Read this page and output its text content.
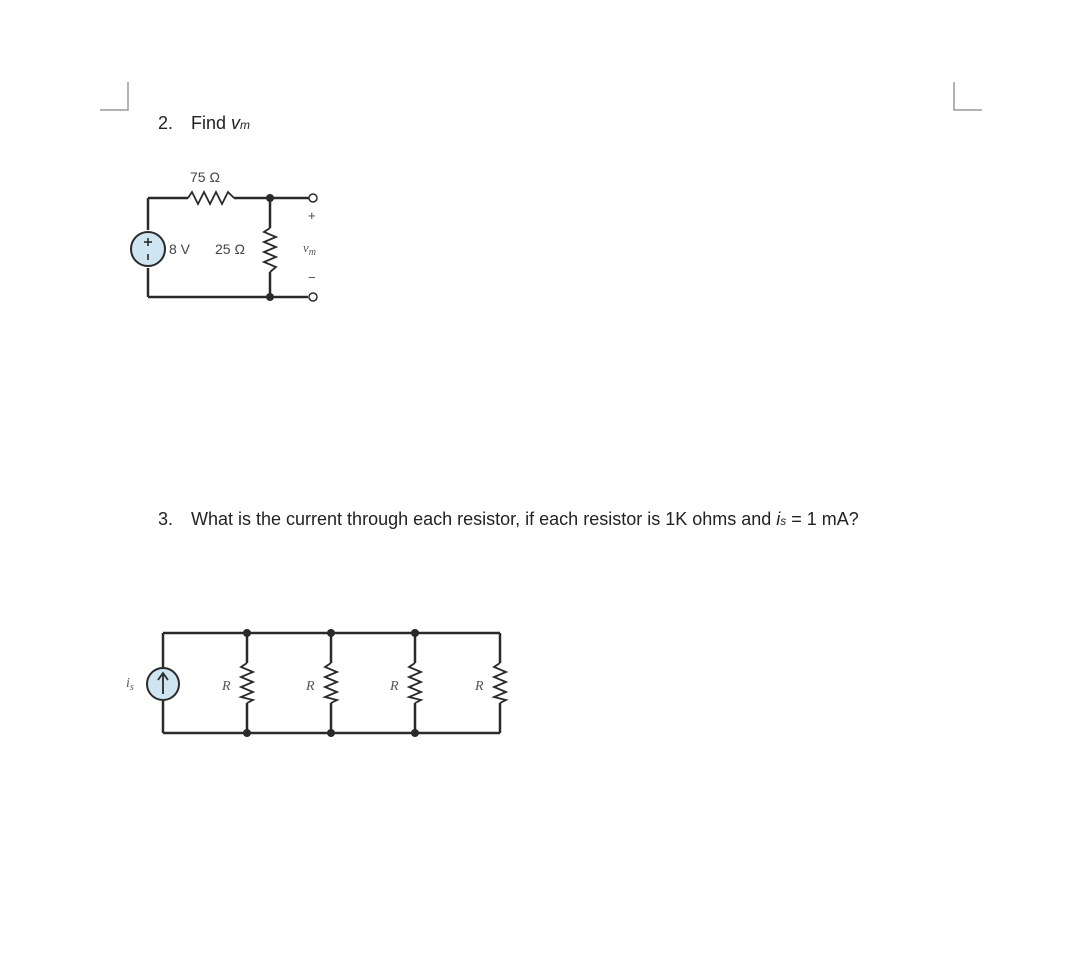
2. Find vm
75 Ω
8 V 25 Ω
+
−
$v_m$
3. What is the current through each resistor, if each resistor is 1K ohms and is = 1 mA?
$i_s$	R	R	R	R
